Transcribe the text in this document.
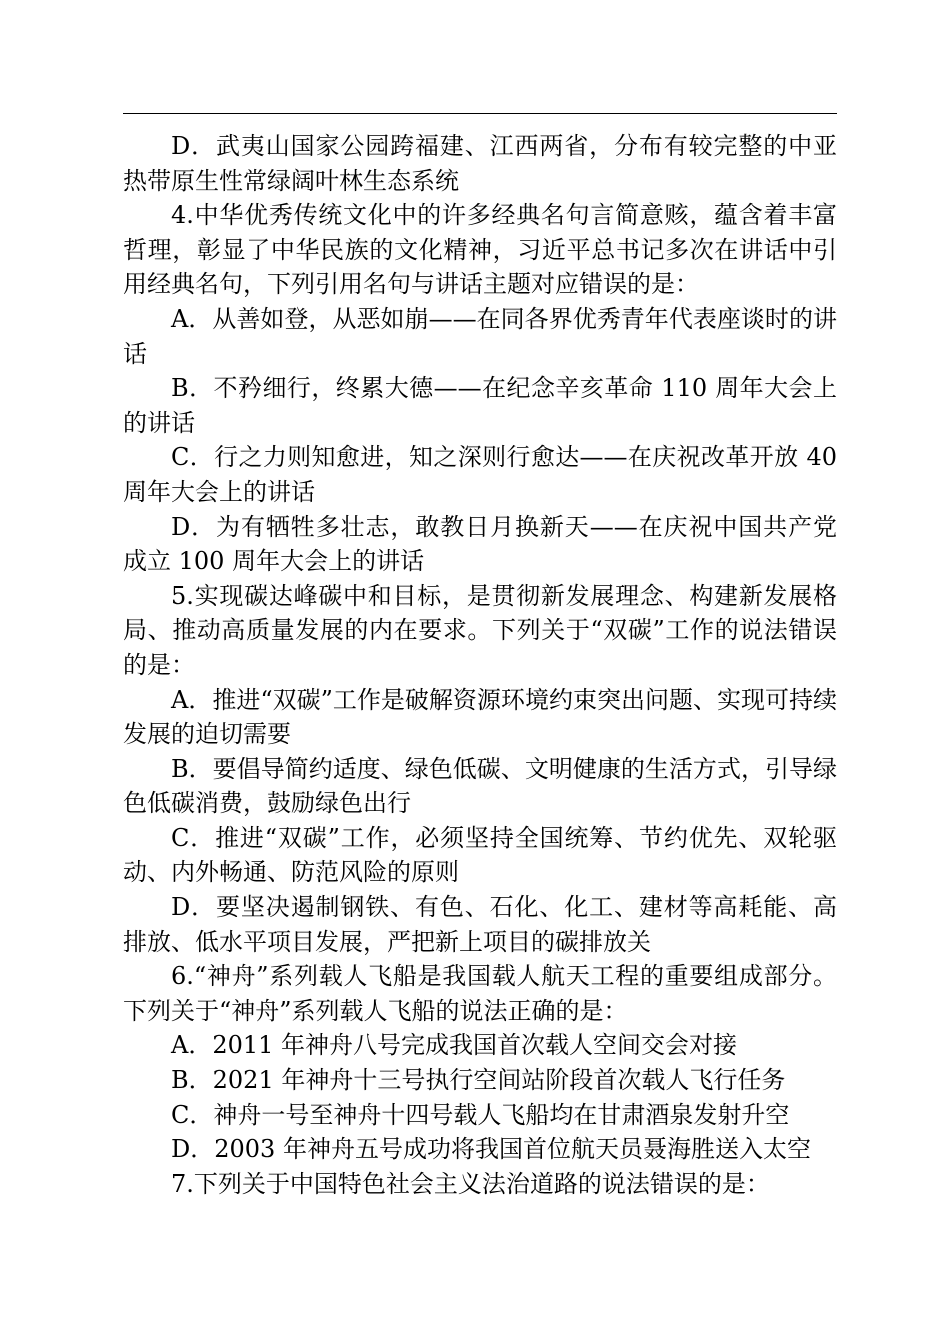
D．武夷山国家公园跨福建、江西两省，分布有较完整的中亚热带原生性常绿阔叶林生态系统

4.中华优秀传统文化中的许多经典名句言简意赅，蕴含着丰富哲理，彰显了中华民族的文化精神，习近平总书记多次在讲话中引用经典名句，下列引用名句与讲话主题对应错误的是：

A．从善如登，从恶如崩——在同各界优秀青年代表座谈时的讲话

B．不矜细行，终累大德——在纪念辛亥革命 110 周年大会上的讲话

C．行之力则知愈进，知之深则行愈达——在庆祝改革开放 40 周年大会上的讲话

D．为有牺牲多壮志，敢教日月换新天——在庆祝中国共产党成立 100 周年大会上的讲话

5.实现碳达峰碳中和目标，是贯彻新发展理念、构建新发展格局、推动高质量发展的内在要求。下列关于“双碳”工作的说法错误的是：

A．推进“双碳”工作是破解资源环境约束突出问题、实现可持续发展的迫切需要

B．要倡导简约适度、绿色低碳、文明健康的生活方式，引导绿色低碳消费，鼓励绿色出行

C．推进“双碳”工作，必须坚持全国统筹、节约优先、双轮驱动、内外畅通、防范风险的原则

D．要坚决遏制钢铁、有色、石化、化工、建材等高耗能、高排放、低水平项目发展，严把新上项目的碳排放关

6.“神舟”系列载人飞船是我国载人航天工程的重要组成部分。下列关于“神舟”系列载人飞船的说法正确的是：

A．2011 年神舟八号完成我国首次载人空间交会对接

B．2021 年神舟十三号执行空间站阶段首次载人飞行任务

C．神舟一号至神舟十四号载人飞船均在甘肃酒泉发射升空

D．2003 年神舟五号成功将我国首位航天员聂海胜送入太空

7.下列关于中国特色社会主义法治道路的说法错误的是：
